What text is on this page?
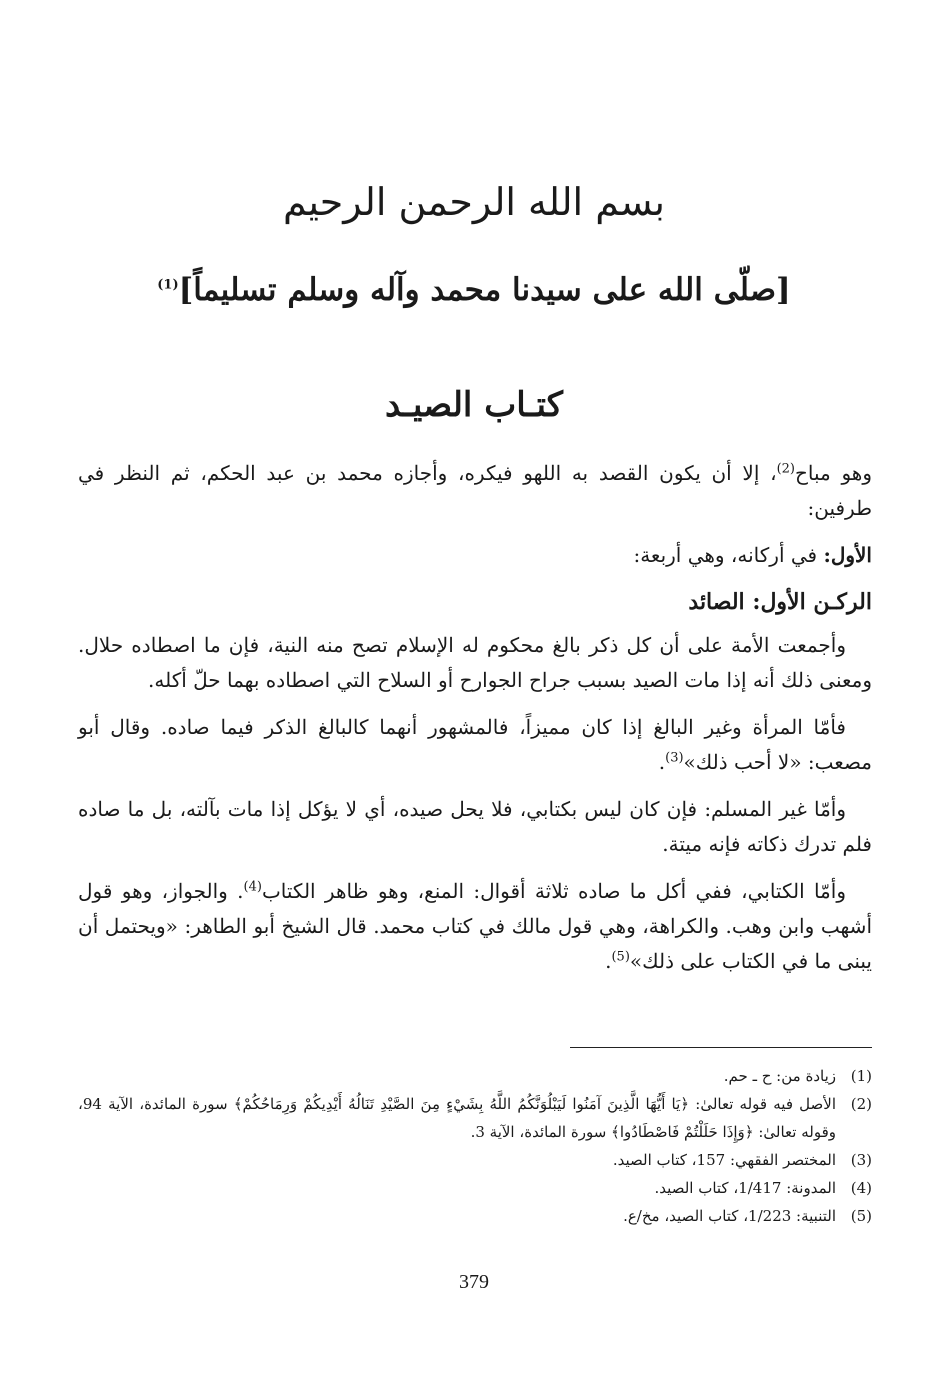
بسم الله الرحمن الرحيم
[صلّى الله على سيدنا محمد وآله وسلم تسليماً]$^{(1)}$
كتـاب الصيـد

وهو مباح$^{(2)}$، إلا أن يكون القصد به اللهو فيكره، وأجازه محمد بن عبد الحكم، ثم النظر في طرفين:

الأول: في أركانه، وهي أربعة:

الركـن الأول: الصائد

وأجمعت الأمة على أن كل ذكر بالغ محكوم له الإسلام تصح منه النية، فإن ما اصطاده حلال. ومعنى ذلك أنه إذا مات الصيد بسبب جراح الجوارح أو السلاح التي اصطاده بهما حلّ أكله.

فأمّا المرأة وغير البالغ إذا كان مميزاً، فالمشهور أنهما كالبالغ الذكر فيما صاده. وقال أبو مصعب: «لا أحب ذلك»$^{(3)}$.

وأمّا غير المسلم: فإن كان ليس بكتابي، فلا يحل صيده، أي لا يؤكل إذا مات بآلته، بل ما صاده فلم تدرك ذكاته فإنه ميتة.

وأمّا الكتابي، ففي أكل ما صاده ثلاثة أقوال: المنع، وهو ظاهر الكتاب$^{(4)}$. والجواز، وهو قول أشهب وابن وهب. والكراهة، وهي قول مالك في كتاب محمد. قال الشيخ أبو الطاهر: «ويحتمل أن يبنى ما في الكتاب على ذلك»$^{(5)}$.

(1)
زيادة من: ح ـ حم.
(2)
الأصل فيه قوله تعالىٰ: ﴿يَا أَيُّهَا الَّذِينَ آمَنُوا لَيَبْلُوَنَّكُمُ اللَّهُ بِشَيْءٍ مِنَ الصَّيْدِ تَنَالُهُ أَيْدِيكُمْ وَرِمَاحُكُمْ﴾ سورة المائدة، الآية 94، وقوله تعالىٰ: ﴿وَإِذَا حَلَلْتُمْ فَاصْطَادُوا﴾ سورة المائدة، الآية 3.
(3)
المختصر الفقهي: 157، كتاب الصيد.
(4)
المدونة: 1/417، كتاب الصيد.
(5)
التنبية: 1/223، كتاب الصيد، مخ/ع.
379
